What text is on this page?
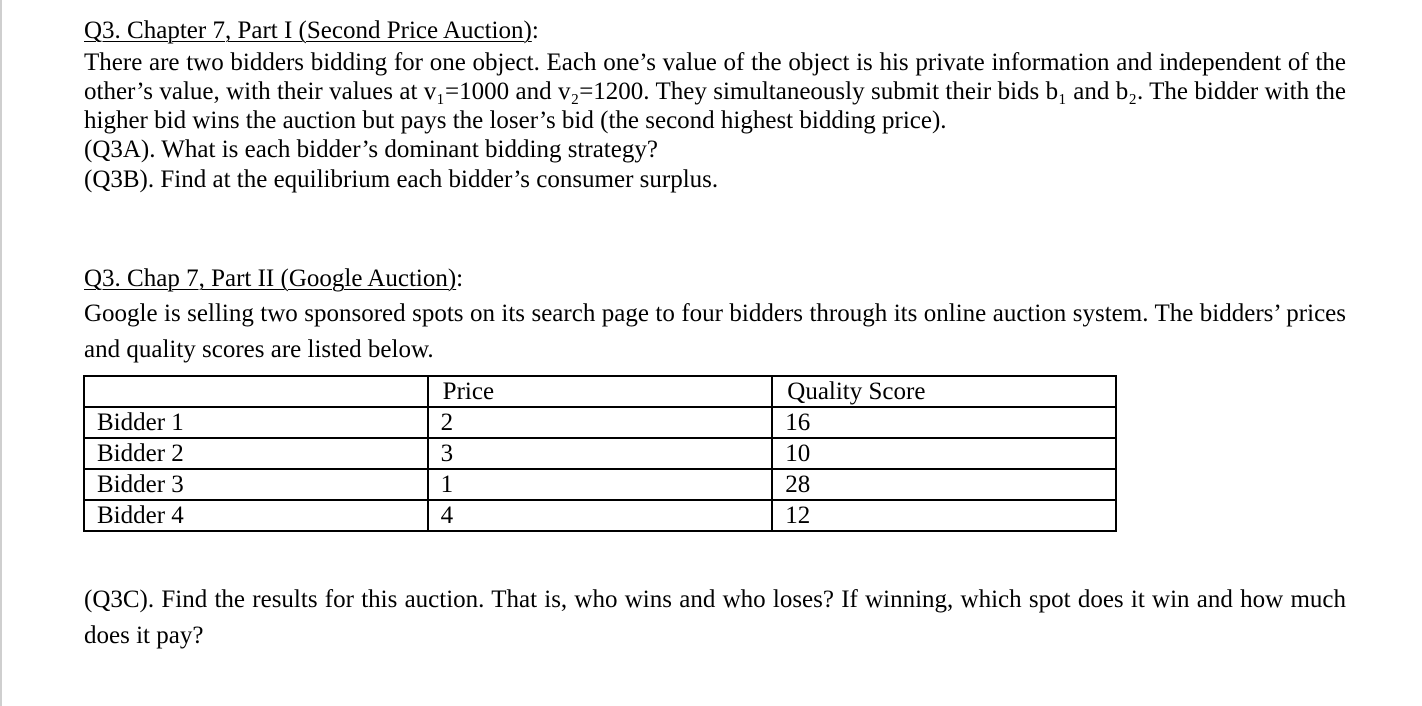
Q3. Chapter 7, Part I (Second Price Auction):

There are two bidders bidding for one object. Each one’s value of the object is his private information and independent of the other’s value, with their values at v₁=1000 and v₂=1200. They simultaneously submit their bids b₁ and b₂. The bidder with the higher bid wins the auction but pays the loser’s bid (the second highest bidding price).

(Q3A). What is each bidder’s dominant bidding strategy?

(Q3B). Find at the equilibrium each bidder’s consumer surplus.

Q3. Chap 7, Part II (Google Auction):

Google is selling two sponsored spots on its search page to four bidders through its online auction system. The bidders’ prices and quality scores are listed below.

	Price	Quality Score
Bidder 1	2	16
Bidder 2	3	10
Bidder 3	1	28
Bidder 4	4	12

(Q3C). Find the results for this auction. That is, who wins and who loses? If winning, which spot does it win and how much does it pay?
